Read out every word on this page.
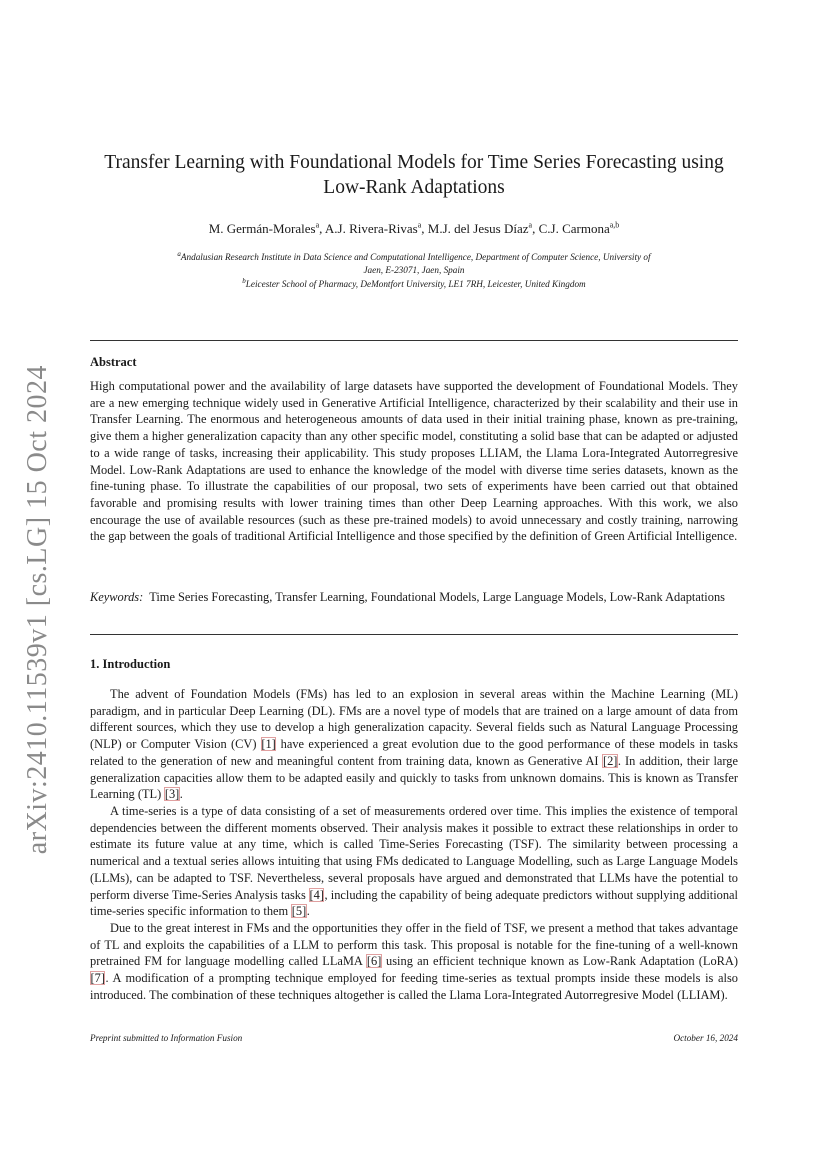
arXiv:2410.11539v1 [cs.LG] 15 Oct 2024
Transfer Learning with Foundational Models for Time Series Forecasting using
Low-Rank Adaptations
M. Germán-Morales$^a$, A.J. Rivera-Rivas$^a$, M.J. del Jesus Díaz$^a$, C.J. Carmona$^{a,b}$
$^a$Andalusian Research Institute in Data Science and Computational Intelligence, Department of Computer Science, University of
Jaen, E-23071, Jaen, Spain
$^b$Leicester School of Pharmacy, DeMontfort University, LE1 7RH, Leicester, United Kingdom
Abstract

High computational power and the availability of large datasets have supported the development of Foundational Models. They are a new emerging technique widely used in Generative Artificial Intelligence, characterized by their scalability and their use in Transfer Learning. The enormous and heterogeneous amounts of data used in their initial training phase, known as pre-training, give them a higher generalization capacity than any other specific model, constituting a solid base that can be adapted or adjusted to a wide range of tasks, increasing their applicability. This study proposes LLIAM, the Llama Lora-Integrated Autorregresive Model. Low-Rank Adaptations are used to enhance the knowledge of the model with diverse time series datasets, known as the fine-tuning phase. To illustrate the capabilities of our proposal, two sets of experiments have been carried out that obtained favorable and promising results with lower training times than other Deep Learning approaches. With this work, we also encourage the use of available resources (such as these pre-trained models) to avoid unnecessary and costly training, narrowing the gap between the goals of traditional Artificial Intelligence and those specified by the definition of Green Artificial Intelligence.

Keywords: Time Series Forecasting, Transfer Learning, Foundational Models, Large Language Models, Low-Rank Adaptations

1. Introduction

The advent of Foundation Models (FMs) has led to an explosion in several areas within the Machine Learning (ML) paradigm, and in particular Deep Learning (DL). FMs are a novel type of models that are trained on a large amount of data from different sources, which they use to develop a high generalization capacity. Several fields such as Natural Language Processing (NLP) or Computer Vision (CV) [1] have experienced a great evolution due to the good performance of these models in tasks related to the generation of new and meaningful content from training data, known as Generative AI [2]. In addition, their large generalization capacities allow them to be adapted easily and quickly to tasks from unknown domains. This is known as Transfer Learning (TL) [3].

A time-series is a type of data consisting of a set of measurements ordered over time. This implies the existence of temporal dependencies between the different moments observed. Their analysis makes it possible to extract these relationships in order to estimate its future value at any time, which is called Time-Series Forecasting (TSF). The similarity between processing a numerical and a textual series allows intuiting that using FMs dedicated to Language Modelling, such as Large Language Models (LLMs), can be adapted to TSF. Nevertheless, several proposals have argued and demonstrated that LLMs have the potential to perform diverse Time-Series Analysis tasks [4], including the capability of being adequate predictors without supplying additional time-series specific information to them [5].

Due to the great interest in FMs and the opportunities they offer in the field of TSF, we present a method that takes advantage of TL and exploits the capabilities of a LLM to perform this task. This proposal is notable for the fine-tuning of a well-known pretrained FM for language modelling called LLaMA [6] using an efficient technique known as Low-Rank Adaptation (LoRA) [7]. A modification of a prompting technique employed for feeding time-series as textual prompts inside these models is also introduced. The combination of these techniques altogether is called the Llama Lora-Integrated Autorregresive Model (LLIAM).

Preprint submitted to Information Fusion	October 16, 2024
